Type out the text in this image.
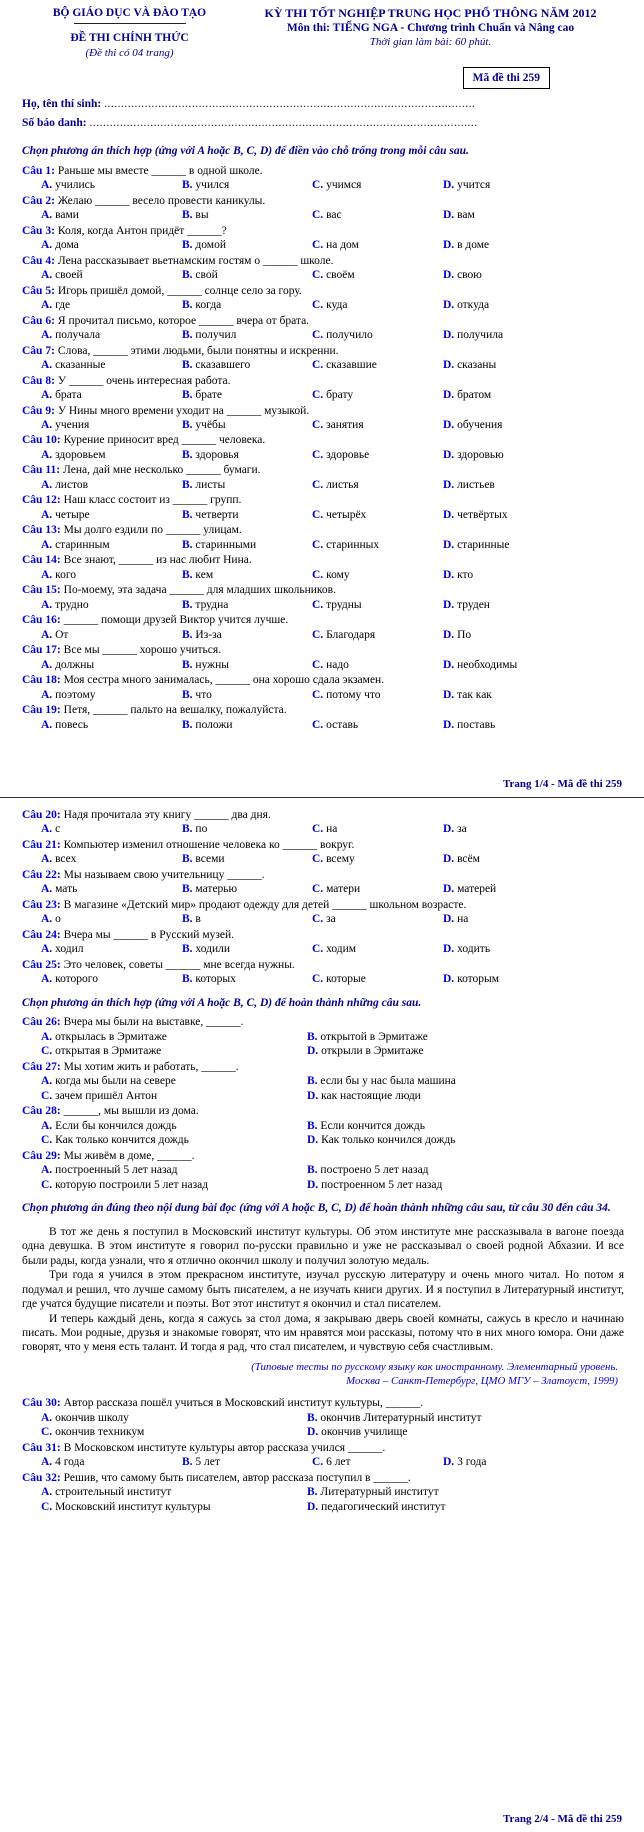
BỘ GIÁO DỤC VÀ ĐÀO TẠO
ĐỀ THI CHÍNH THỨC
(Đề thi có 04 trang)
KỲ THI TỐT NGHIỆP TRUNG HỌC PHỔ THÔNG NĂM 2012
Môn thi: TIẾNG NGA - Chương trình Chuẩn và Nâng cao
Thời gian làm bài: 60 phút.
Mã đề thi 259
Họ, tên thí sinh: ..............................................................................................................
Số báo danh: ...................................................................................................................

Chọn phương án thích hợp (ứng với A hoặc B, C, D) để điền vào chỗ trống trong mỗi câu sau.

Câu 1: Раньше мы вместе ______ в одной школе.
A. учились	B. учился	C. учимся	D. учится
Câu 2: Желаю ______ весело провести каникулы.
A. вами	B. вы	C. вас	D. вам
Câu 3: Коля, когда Антон придёт ______?
A. дома	B. домой	C. на дом	D. в доме
Câu 4: Лена рассказывает вьетнамским гостям о ______ школе.
A. своей	B. свой	C. своём	D. свою
Câu 5: Игорь пришёл домой, ______ солнце село за гору.
A. где	B. когда	C. куда	D. откуда
Câu 6: Я прочитал письмо, которое ______ вчера от брата.
A. получала	B. получил	C. получило	D. получила
Câu 7: Слова, ______ этими людьми, были понятны и искренни.
A. сказанные	B. сказавшего	C. сказавшие	D. сказаны
Câu 8: У ______ очень интересная работа.
A. брата	B. брате	C. брату	D. братом
Câu 9: У Нины много времени уходит на ______ музыкой.
A. учения	B. учёбы	C. занятия	D. обучения
Câu 10: Курение приносит вред ______ человека.
A. здоровьем	B. здоровья	C. здоровье	D. здоровью
Câu 11: Лена, дай мне несколько ______ бумаги.
A. листов	B. листы	C. листья	D. листьев
Câu 12: Наш класс состоит из ______ групп.
A. четыре	B. четверти	C. четырёх	D. четвёртых
Câu 13: Мы долго ездили по ______ улицам.
A. старинным	B. старинными	C. старинных	D. старинные
Câu 14: Все знают, ______ из нас любит Нина.
A. кого	B. кем	C. кому	D. кто
Câu 15: По-моему, эта задача ______ для младших школьников.
A. трудно	B. трудна	C. трудны	D. труден
Câu 16: ______ помощи друзей Виктор учится лучше.
A. От	B. Из-за	C. Благодаря	D. По
Câu 17: Все мы ______ хорошо учиться.
A. должны	B. нужны	C. надо	D. необходимы
Câu 18: Моя сестра много занималась, ______ она хорошо сдала экзамен.
A. поэтому	B. что	C. потому что	D. так как
Câu 19: Петя, ______ пальто на вешалку, пожалуйста.
A. повесь	B. положи	C. оставь	D. поставь
Trang 1/4 - Mã đề thi 259
Câu 20: Надя прочитала эту книгу ______ два дня.
A. с	B. по	C. на	D. за
Câu 21: Компьютер изменил отношение человека ко ______ вокруг.
A. всех	B. всеми	C. всему	D. всём
Câu 22: Мы называем свою учительницу ______.
A. мать	B. матерью	C. матери	D. матерей
Câu 23: В магазине «Детский мир» продают одежду для детей ______ школьном возрасте.
A. о	B. в	C. за	D. на
Câu 24: Вчера мы ______ в Русский музей.
A. ходил	B. ходили	C. ходим	D. ходить
Câu 25: Это человек, советы ______ мне всегда нужны.
A. которого	B. которых	C. которые	D. которым

Chọn phương án thích hợp (ứng với A hoặc B, C, D) để hoàn thành những câu sau.

Câu 26: Вчера мы были на выставке, ______.
A. открылась в Эрмитаже	B. открытой в Эрмитаже
C. открытая в Эрмитаже	D. открыли в Эрмитаже
Câu 27: Мы хотим жить и работать, ______.
A. когда мы были на севере	B. если бы у нас была машина
C. зачем пришёл Антон	D. как настоящие люди
Câu 28: ______, мы вышли из дома.
A. Если бы кончился дождь	B. Если кончится дождь
C. Как только кончится дождь	D. Как только кончился дождь
Câu 29: Мы живём в доме, ______.
A. построенный 5 лет назад	B. построено 5 лет назад
C. которую построили 5 лет назад	D. построенном 5 лет назад

Chọn phương án đúng theo nội dung bài đọc (ứng với A hoặc B, C, D) để hoàn thành những câu sau, từ câu 30 đến câu 34.

В тот же день я поступил в Московский институт культуры. Об этом институте мне рассказывала в вагоне поезда одна девушка. В этом институте я говорил по-русски правильно и уже не рассказывал о своей родной Абхазии. И все были рады, когда узнали, что я отлично окончил школу и получил золотую медаль.

Три года я учился в этом прекрасном институте, изучал русскую литературу и очень много читал. Но потом я подумал и решил, что лучше самому быть писателем, а не изучать книги других. И я поступил в Литературный институт, где учатся будущие писатели и поэты. Вот этот институт я окончил и стал писателем.

И теперь каждый день, когда я сажусь за стол дома, я закрываю дверь своей комнаты, сажусь в кресло и начинаю писать. Мои родные, друзья и знакомые говорят, что им нравятся мои рассказы, потому что в них много юмора. Они даже говорят, что у меня есть талант. И тогда я рад, что стал писателем, и чувствую себя счастливым.

(Типовые тесты по русскому языку как иностранному. Элементарный уровень.
Москва – Санкт-Петербург, ЦМО МГУ – Златоуст, 1999)
Câu 30: Автор рассказа пошёл учиться в Московский институт культуры, ______.
A. окончив школу	B. окончив Литературный институт
C. окончив техникум	D. окончив училище
Câu 31: В Московском институте культуры автор рассказа учился ______.
A. 4 года	B. 5 лет	C. 6 лет	D. 3 года
Câu 32: Решив, что самому быть писателем, автор рассказа поступил в ______.
A. строительный институт	B. Литературный институт
C. Московский институт культуры	D. педагогический институт
Trang 2/4 - Mã đề thi 259
